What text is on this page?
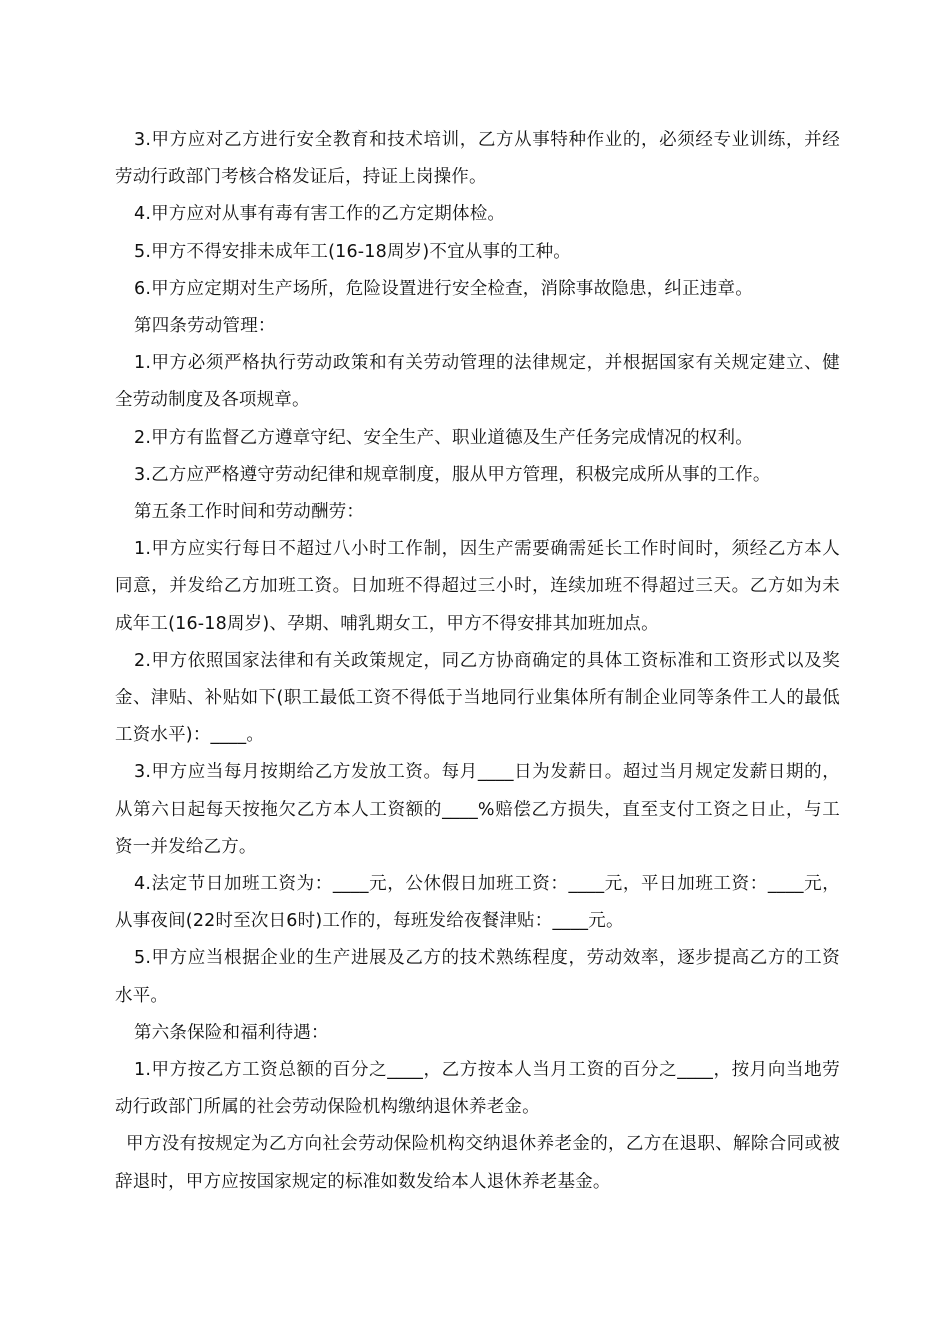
3.甲方应对乙方进行安全教育和技术培训，乙方从事特种作业的，必须经专业训练，并经劳动行政部门考核合格发证后，持证上岗操作。

4.甲方应对从事有毒有害工作的乙方定期体检。

5.甲方不得安排未成年工(16-18周岁)不宜从事的工种。

6.甲方应定期对生产场所，危险设置进行安全检查，消除事故隐患，纠正违章。

第四条劳动管理：

1.甲方必须严格执行劳动政策和有关劳动管理的法律规定，并根据国家有关规定建立、健全劳动制度及各项规章。

2.甲方有监督乙方遵章守纪、安全生产、职业道德及生产任务完成情况的权利。

3.乙方应严格遵守劳动纪律和规章制度，服从甲方管理，积极完成所从事的工作。

第五条工作时间和劳动酬劳：

1.甲方应实行每日不超过八小时工作制，因生产需要确需延长工作时间时，须经乙方本人同意，并发给乙方加班工资。日加班不得超过三小时，连续加班不得超过三天。乙方如为未成年工(16-18周岁)、孕期、哺乳期女工，甲方不得安排其加班加点。

2.甲方依照国家法律和有关政策规定，同乙方协商确定的具体工资标准和工资形式以及奖金、津贴、补贴如下(职工最低工资不得低于当地同行业集体所有制企业同等条件工人的最低工资水平)：____。

3.甲方应当每月按期给乙方发放工资。每月____日为发薪日。超过当月规定发薪日期的，从第六日起每天按拖欠乙方本人工资额的____%赔偿乙方损失，直至支付工资之日止，与工资一并发给乙方。

4.法定节日加班工资为：____元，公休假日加班工资：____元，平日加班工资：____元，从事夜间(22时至次日6时)工作的，每班发给夜餐津贴：____元。

5.甲方应当根据企业的生产进展及乙方的技术熟练程度，劳动效率，逐步提高乙方的工资水平。

第六条保险和福利待遇：

1.甲方按乙方工资总额的百分之____，乙方按本人当月工资的百分之____，按月向当地劳动行政部门所属的社会劳动保险机构缴纳退休养老金。

甲方没有按规定为乙方向社会劳动保险机构交纳退休养老金的，乙方在退职、解除合同或被辞退时，甲方应按国家规定的标准如数发给本人退休养老基金。
